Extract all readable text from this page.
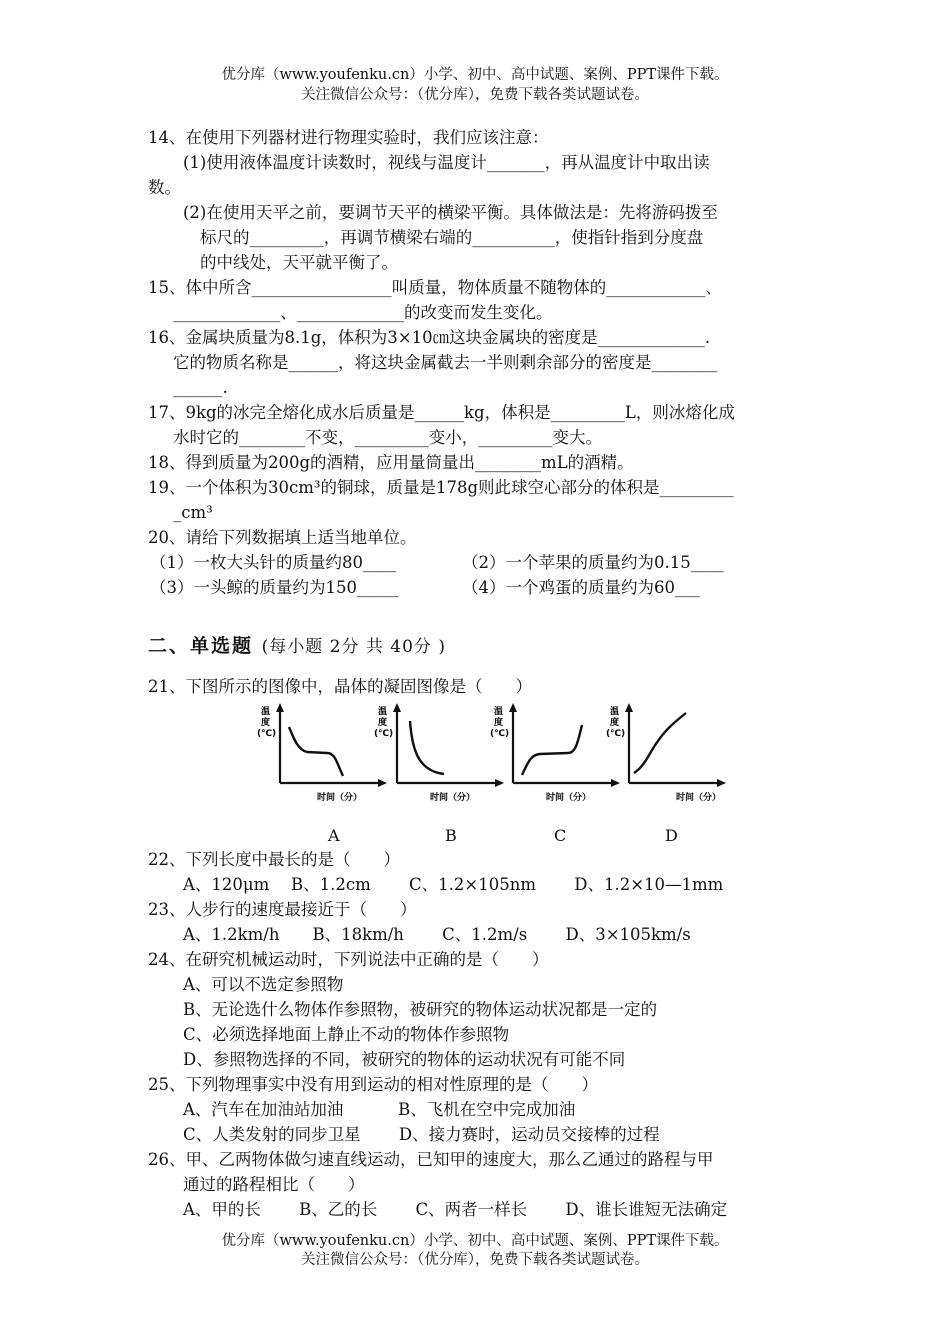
优分库（www.youfenku.cn）小学、初中、高中试题、案例、PPT课件下载。
关注微信公众号：（优分库），免费下载各类试题试卷。
14、在使用下列器材进行物理实验时，我们应该注意：
(1)使用液体温度计读数时，视线与温度计_______，再从温度计中取出读
数。
(2)在使用天平之前，要调节天平的横梁平衡。具体做法是：先将游码拨至
标尺的_________，再调节横梁右端的__________，使指针指到分度盘
的中线处，天平就平衡了。
15、体中所含_________________叫质量，物体质量不随物体的____________、
_____________、_____________的改变而发生变化。
16、金属块质量为8.1g，体积为3×10㎝这块金属块的密度是_____________.
它的物质名称是______，将这块金属截去一半则剩余部分的密度是________
______.
17、9kg的冰完全熔化成水后质量是______kg，体积是_________L，则冰熔化成
水时它的________不变，_________变小，_________变大。
18、得到质量为200g的酒精，应用量筒量出________mL的酒精。
19、一个体积为30cm³的铜球，质量是178g则此球空心部分的体积是_________
_cm³
20、请给下列数据填上适当地单位。
（1）一枚大头针的质量约80____	（2）一个苹果的质量约为0.15____
（3）一头鲸的质量约为150_____	（4）一个鸡蛋的质量约为60___
二、单选题 (每小题 2分 共 40分 )
21、下图所示的图像中，晶体的凝固图像是（　　）
温
度
(℃)
时间（分）
温
度
(℃)
时间（分）
温
度
(℃)
时间（分）
温
度
(℃)
时间（分）
A	B	C	D
22、下列长度中最长的是（　　）
A、120μm　 B、1.2cm　　 C、1.2×105nm　　 D、1.2×10—1mm
23、人步行的速度最接近于（　　）
A、1.2km/h　　B、18km/h　　 C、1.2m/s　　 D、3×105km/s
24、在研究机械运动时，下列说法中正确的是（　　）
A、可以不选定参照物
B、无论选什么物体作参照物，被研究的物体运动状况都是一定的
C、必须选择地面上静止不动的物体作参照物
D、参照物选择的不同，被研究的物体的运动状况有可能不同
25、下列物理事实中没有用到运动的相对性原理的是（　　）
A、汽车在加油站加油　　　 B、飞机在空中完成加油
C、人类发射的同步卫星　　 D、接力赛时，运动员交接棒的过程
26、甲、乙两物体做匀速直线运动，已知甲的速度大，那么乙通过的路程与甲
通过的路程相比（　　）
A、甲的长　　 B、乙的长　　 C、两者一样长　　 D、谁长谁短无法确定
优分库（www.youfenku.cn）小学、初中、高中试题、案例、PPT课件下载。
关注微信公众号：（优分库），免费下载各类试题试卷。
